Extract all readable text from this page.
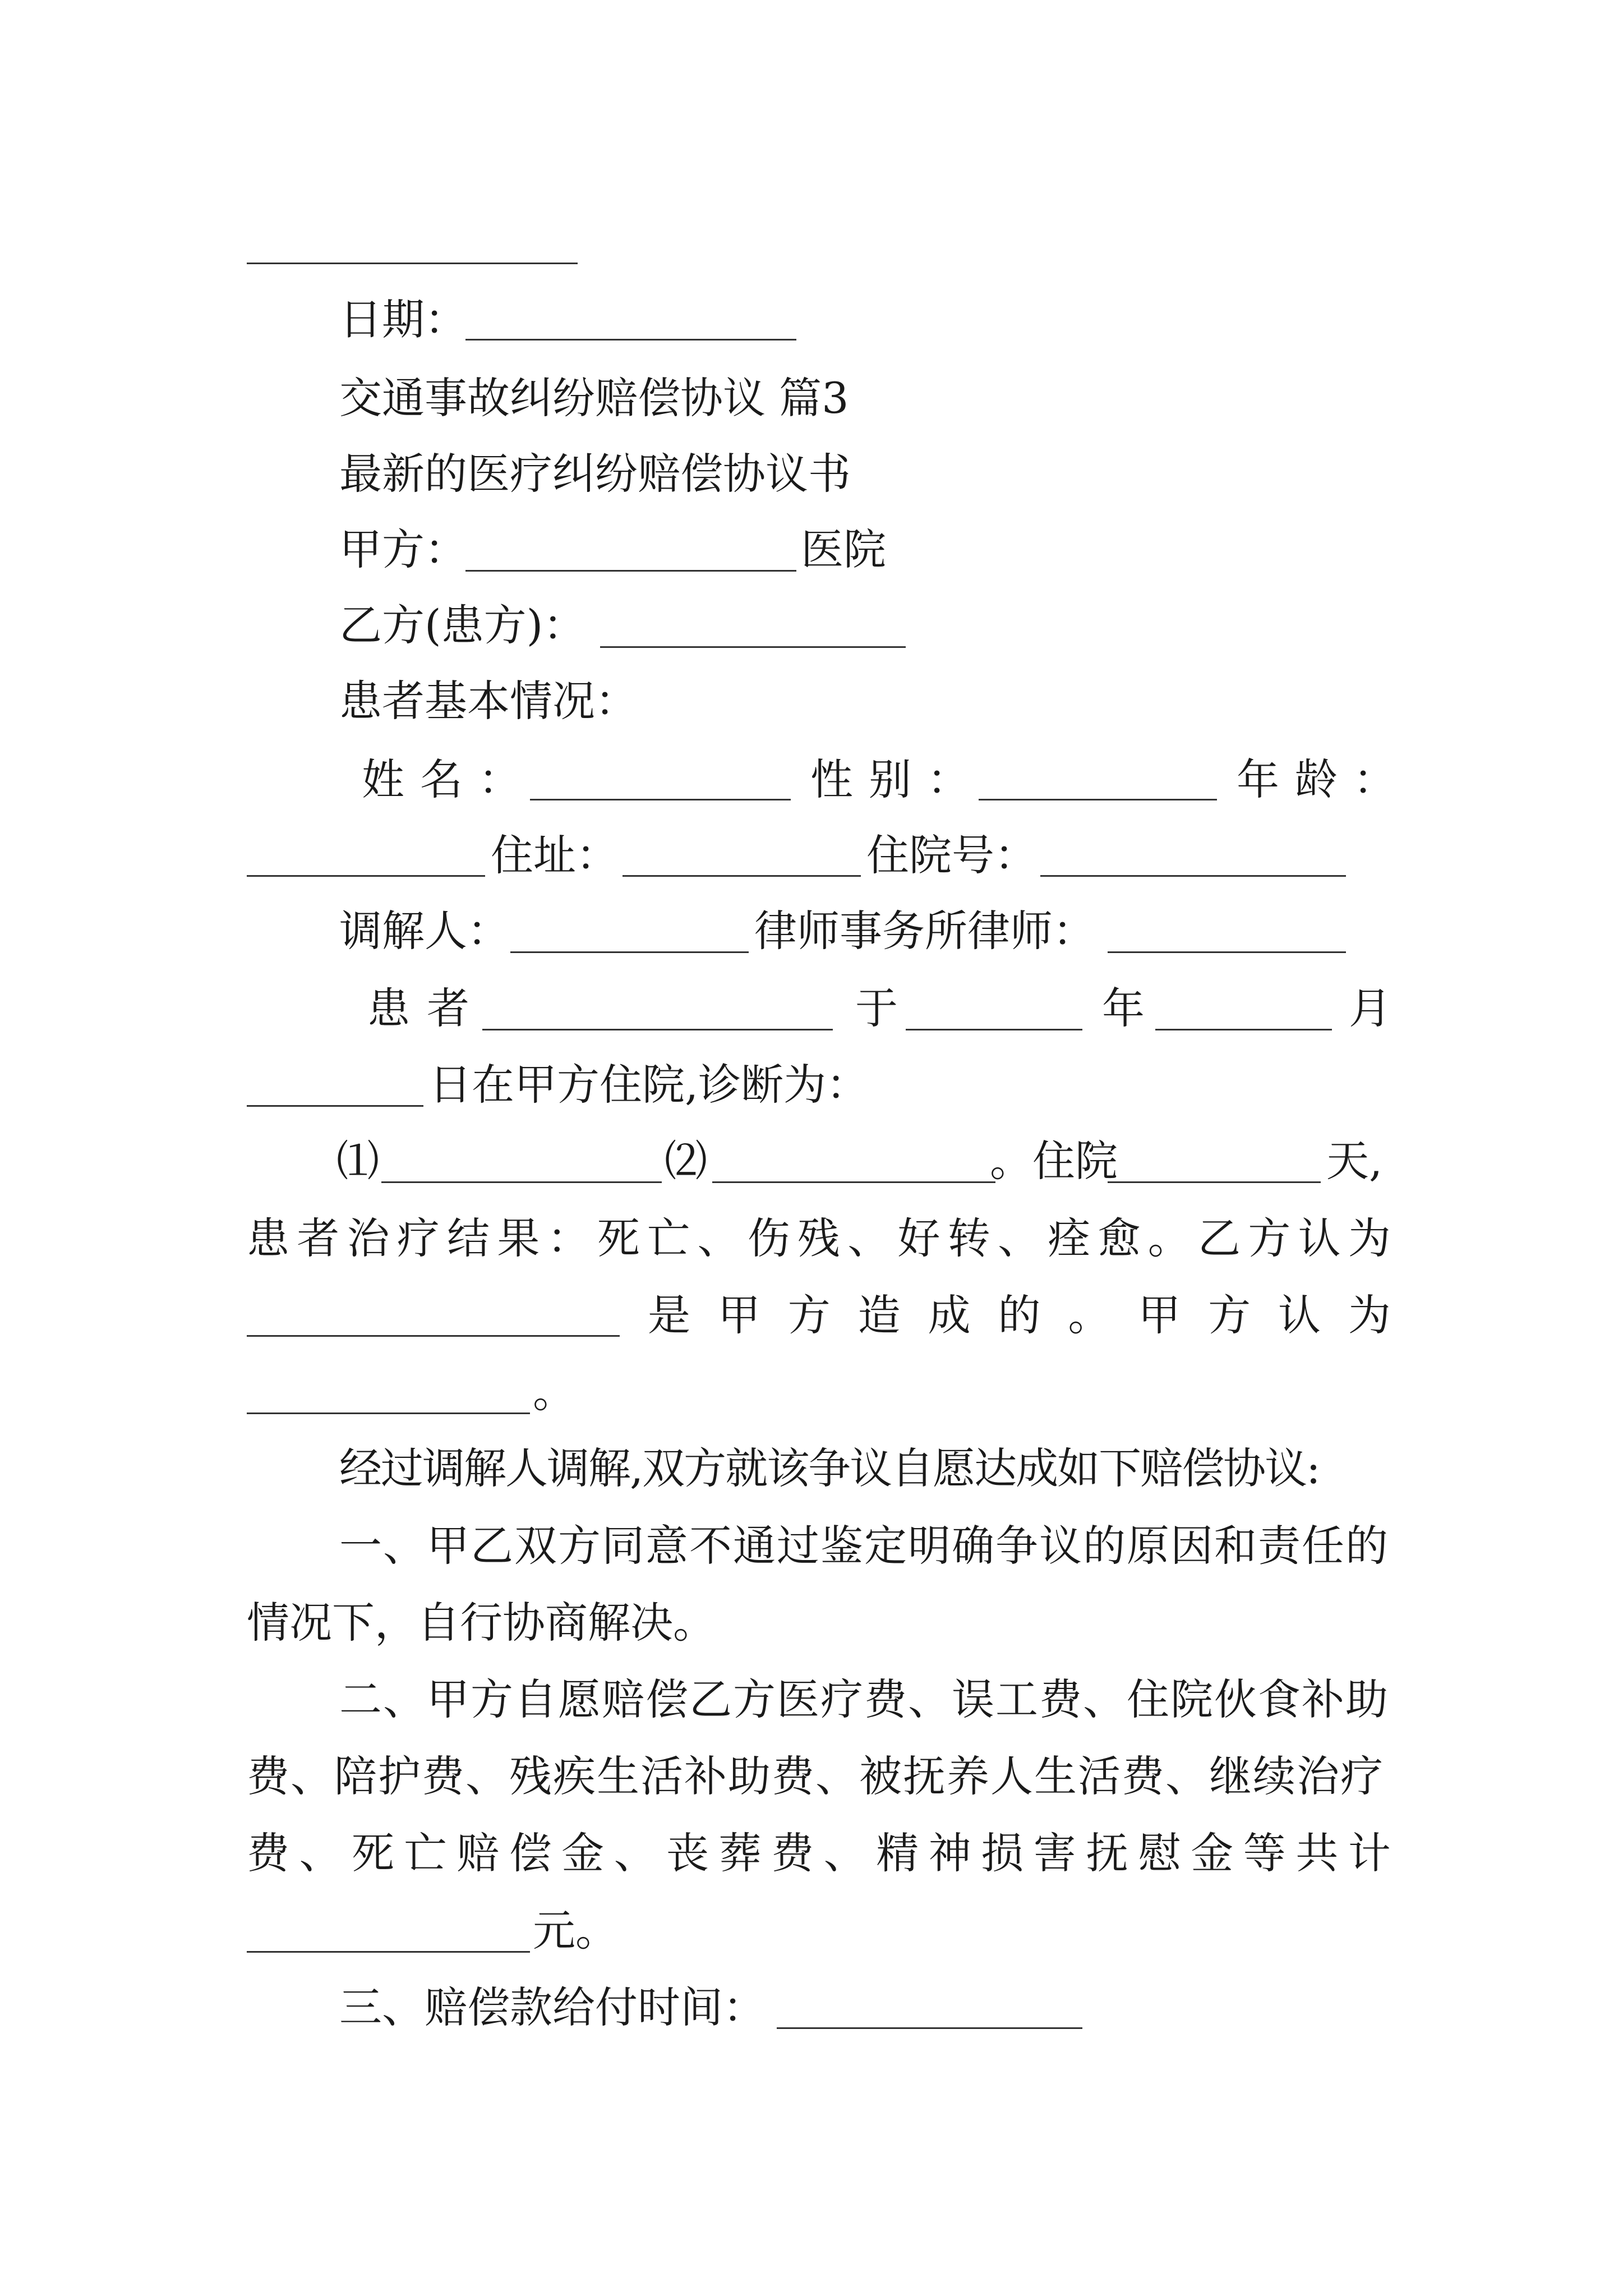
日期：
交通事故纠纷赔偿协议 篇3
最新的医疗纠纷赔偿协议书
甲方：	医院
乙方(患方)：
患者基本情况：
姓名：	性别：	年龄：
住址：	住院号：
调解人：	律师事务所律师：
患者	于	年	月
日在甲方住院,诊断为：
⑴	⑵	。住院	天,
患 者 治 疗 结 果 ： 死 亡 、 伤 残 、 好 转 、 痊 愈 。 乙 方 认 为
是 甲 方 造 成 的 。 甲 方 认 为
。
经过调解人调解,双方就该争议自愿达成如下赔偿协议:
一、甲乙双方同意不通过鉴定明确争议的原因和责任的
情况下，自行协商解决。
二、甲方自愿赔偿乙方医疗费、误工费、住院伙食补助
费、陪护费、残疾生活补助费、被抚养人生活费、继续治疗
费 、 死 亡 赔 偿 金 、 丧 葬 费 、 精 神 损 害 抚 慰 金 等 共 计
元。
三、赔偿款给付时间：
